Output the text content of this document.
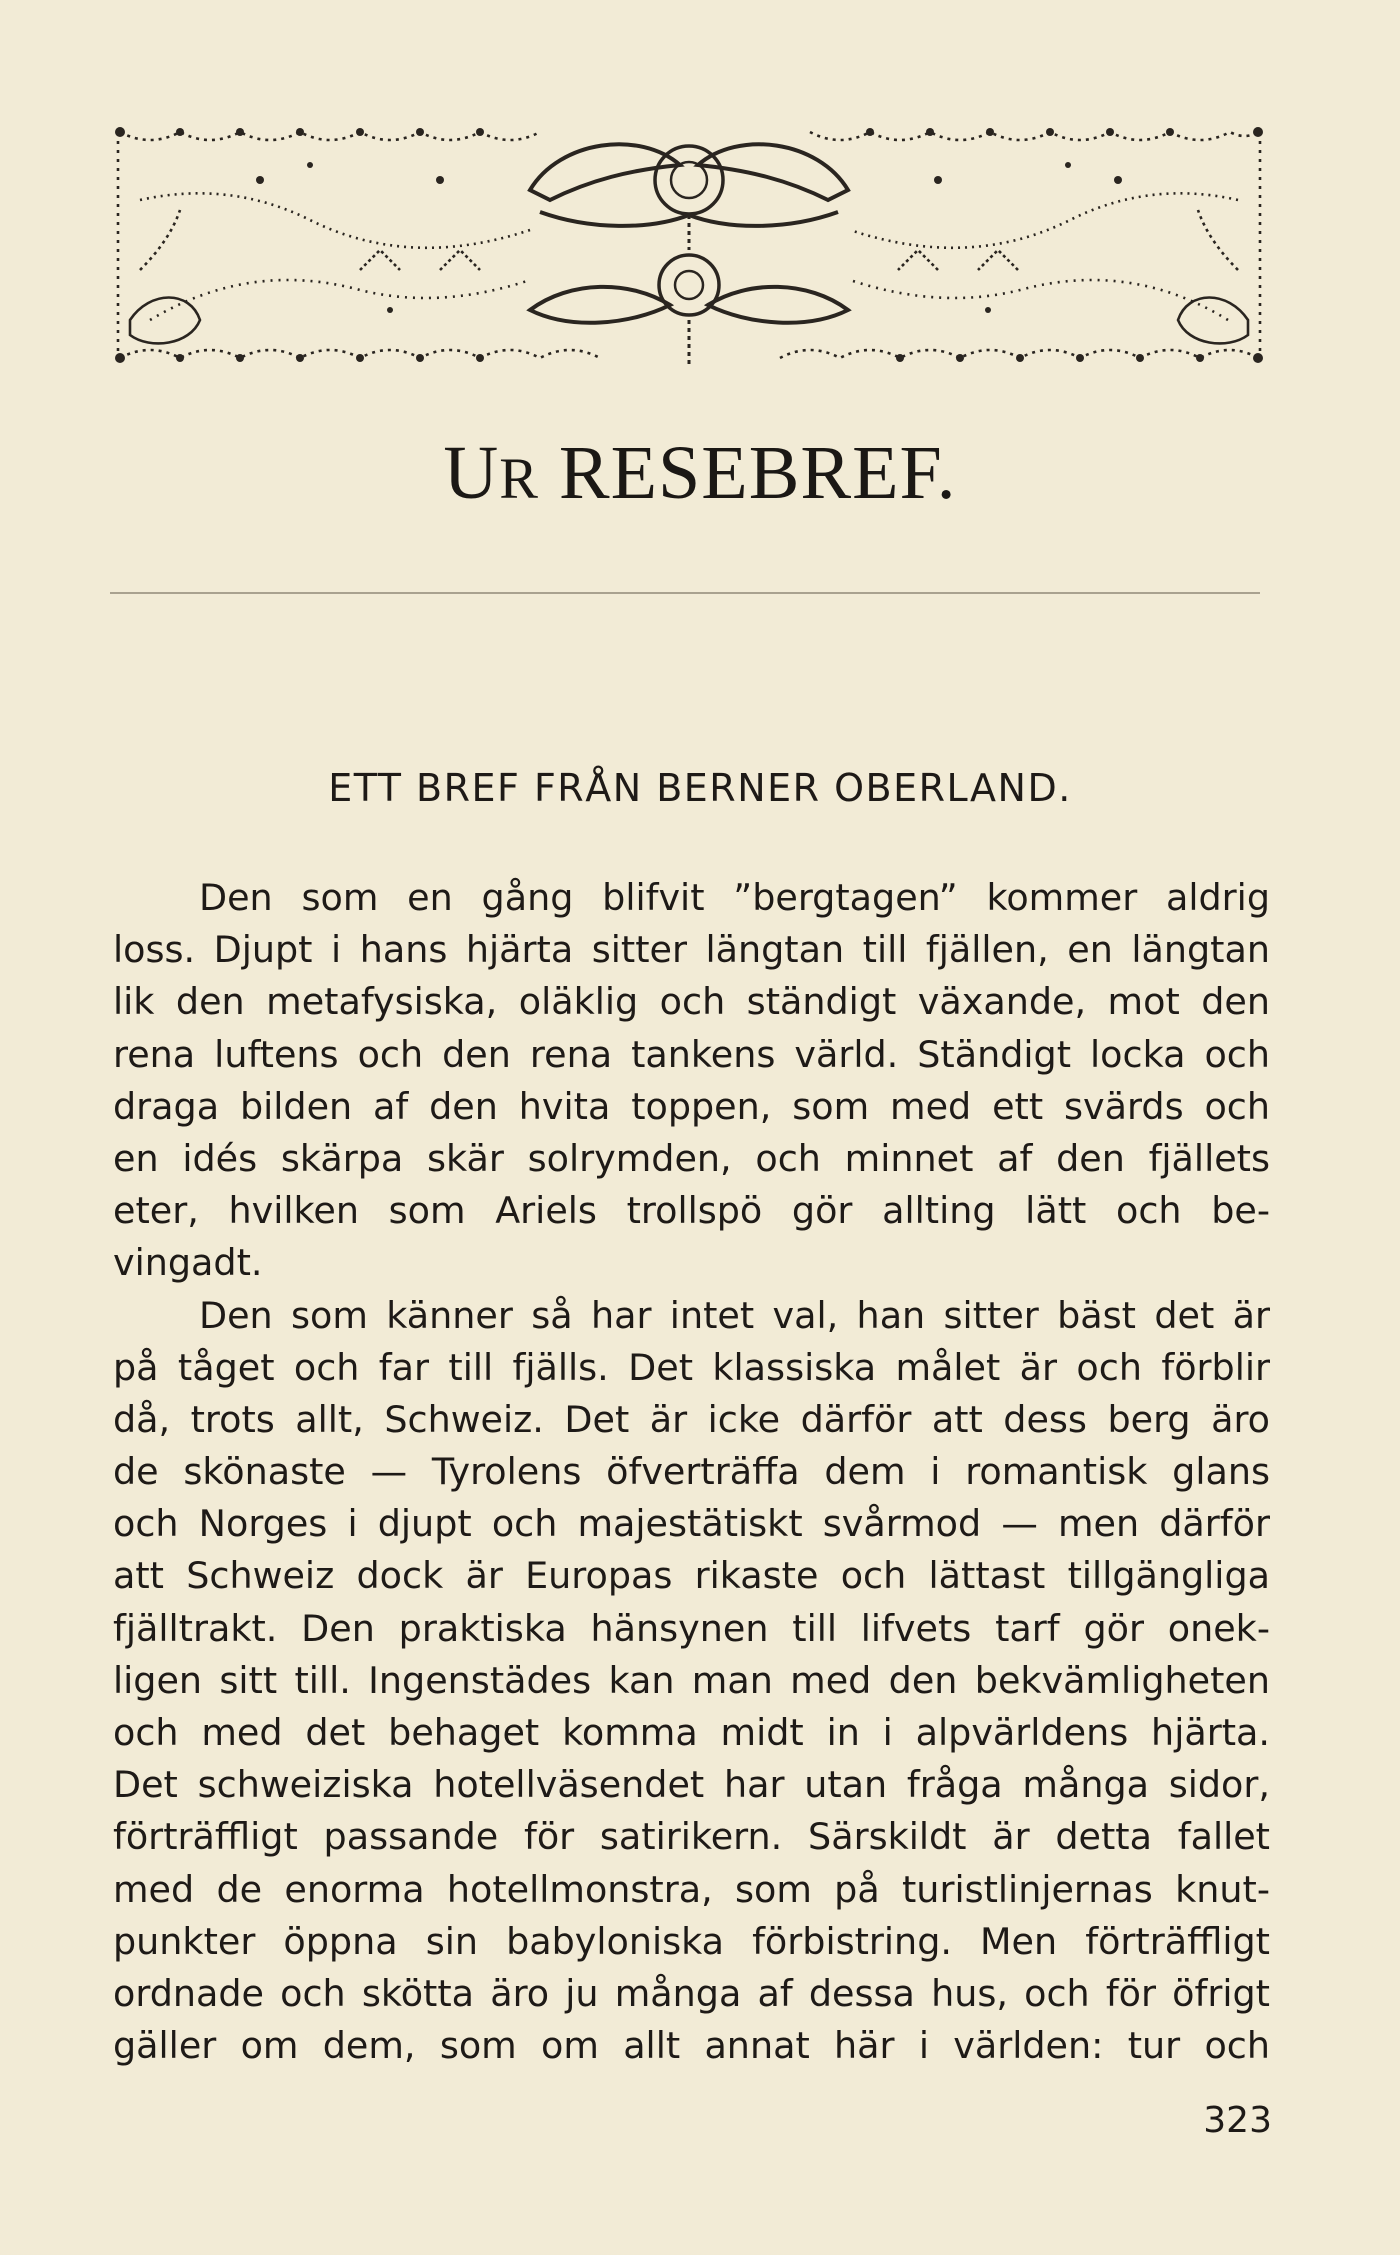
UR RESEBREF.
ETT BREF FRÅN BERNER OBERLAND.
Den som en gång blifvit ”bergtagen” kommer aldrig
loss. Djupt i hans hjärta sitter längtan till fjällen, en längtan
lik den metafysiska, oläklig och ständigt växande, mot den
rena luftens och den rena tankens värld. Ständigt locka och
draga bilden af den hvita toppen, som med ett svärds och
en idés skärpa skär solrymden, och minnet af den fjällets
eter, hvilken som Ariels trollspö gör allting lätt och be-
vingadt.
Den som känner så har intet val, han sitter bäst det är
på tåget och far till fjälls. Det klassiska målet är och förblir
då, trots allt, Schweiz. Det är icke därför att dess berg äro
de skönaste — Tyrolens öfverträffa dem i romantisk glans
och Norges i djupt och majestätiskt svårmod — men därför
att Schweiz dock är Europas rikaste och lättast tillgängliga
fjälltrakt. Den praktiska hänsynen till lifvets tarf gör onek-
ligen sitt till. Ingenstädes kan man med den bekvämligheten
och med det behaget komma midt in i alpvärldens hjärta.
Det schweiziska hotellväsendet har utan fråga många sidor,
förträffligt passande för satirikern. Särskildt är detta fallet
med de enorma hotellmonstra, som på turistlinjernas knut-
punkter öppna sin babyloniska förbistring. Men förträffligt
ordnade och skötta äro ju många af dessa hus, och för öfrigt
gäller om dem, som om allt annat här i världen: tur och
323
